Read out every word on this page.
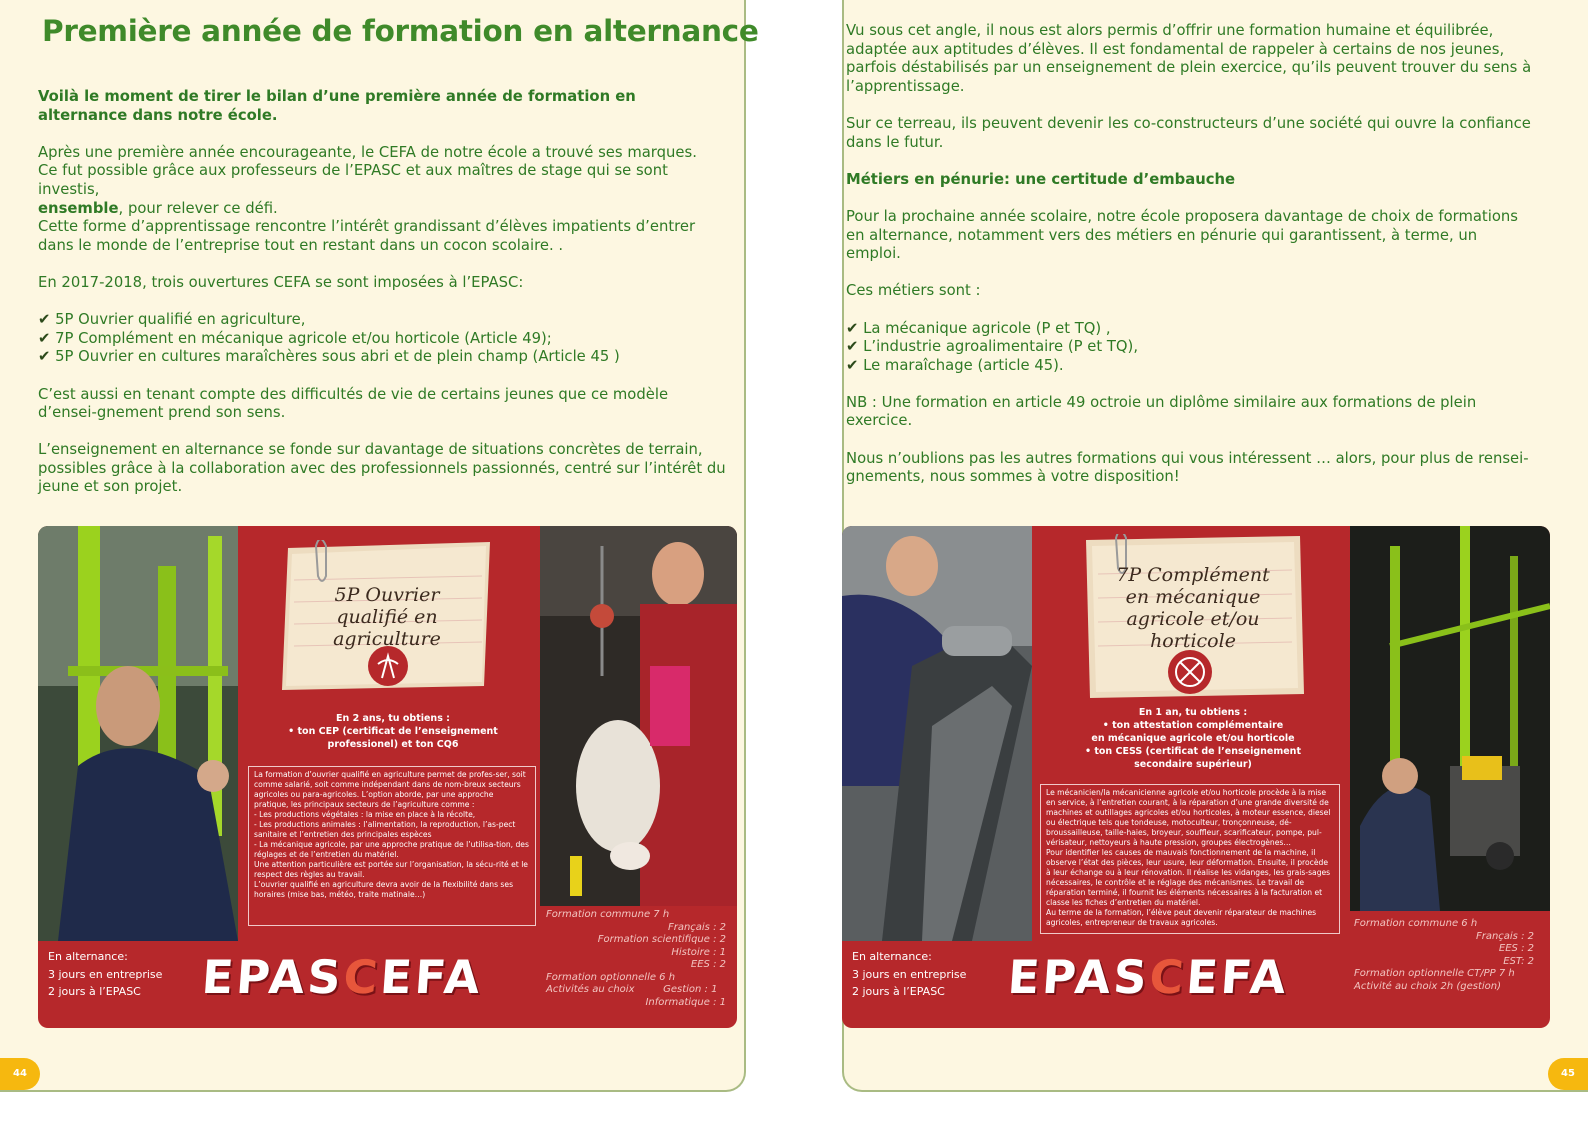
Première année de formation en alternance

Voilà le moment de tirer le bilan d’une première année de formation en alternance dans notre école.

Après une première année encourageante, le CEFA de notre école a trouvé ses marques.
Ce fut possible grâce aux professeurs de l’EPASC et aux maîtres de stage qui se sont investis,
ensemble, pour relever ce défi.
Cette forme d’apprentissage rencontre l’intérêt grandissant d’élèves impatients d’entrer dans le monde de l’entreprise tout en restant dans un cocon scolaire. .

En 2017-2018, trois ouvertures CEFA se sont imposées à l’EPASC:

✔ 5P Ouvrier qualifié en agriculture,
✔ 7P Complément en mécanique agricole et/ou horticole (Article 49);
✔ 5P Ouvrier en cultures maraîchères sous abri et de plein champ (Article 45 )

C’est aussi en tenant compte des difficultés de vie de certains jeunes que ce modèle d’ensei-gnement prend son sens.

L’enseignement en alternance se fonde sur davantage de situations concrètes de terrain, possibles grâce à la collaboration avec des professionnels passionnés, centré sur l’intérêt du jeune et son projet.

5P Ouvrier
qualifié en
agriculture
En 2 ans, tu obtiens :
• ton CEP (certificat de l’enseignement
professionel) et ton CQ6

La formation d’ouvrier qualifié en agriculture permet de profes-ser, soit comme salarié, soit comme indépendant dans de nom-breux secteurs agricoles ou para-agricoles. L’option aborde, par une approche pratique, les principaux secteurs de l’agriculture comme :

- Les productions végétales : la mise en place à la récolte,

- Les productions animales : l’alimentation, la reproduction, l’as-pect sanitaire et l’entretien des principales espèces

- La mécanique agricole, par une approche pratique de l’utilisa-tion, des réglages et de l’entretien du matériel.

Une attention particulière est portée sur l’organisation, la sécu-rité et le respect des règles au travail.

L’ouvrier qualifié en agriculture devra avoir de la flexibilité dans ses horaires (mise bas, météo, traite matinale…)

En alternance:
3 jours en entreprise
2 jours à l’EPASC	EPASCEFA
Formation commune 7 h
Français : 2
Formation scientifique : 2
Histoire : 1
EES : 2
Formation optionnelle 6 h
Activités au choix         Gestion : 1
Informatique : 1
44

Vu sous cet angle, il nous est alors permis d’offrir une formation humaine et équilibrée, adaptée aux aptitudes d’élèves. Il est fondamental de rappeler à certains de nos jeunes, parfois déstabilisés par un enseignement de plein exercice, qu’ils peuvent trouver du sens à l’apprentissage.

Sur ce terreau, ils peuvent devenir les co-constructeurs d’une société qui ouvre la confiance dans le futur.

Métiers en pénurie: une certitude d’embauche

Pour la prochaine année scolaire, notre école proposera davantage de choix de formations en alternance, notamment vers des métiers en pénurie qui garantissent, à terme, un emploi.

Ces métiers sont :

✔ La mécanique agricole (P et TQ) ,
✔ L’industrie agroalimentaire (P et TQ),
✔ Le maraîchage (article 45).

NB : Une formation en article 49 octroie un diplôme similaire aux formations de plein exercice.

Nous n’oublions pas les autres formations qui vous intéressent … alors, pour plus de rensei-gnements, nous sommes à votre disposition!

7P Complément
en mécanique
agricole et/ou
horticole
En 1 an, tu obtiens :
• ton attestation complémentaire
en mécanique agricole et/ou horticole
• ton CESS (certificat de l’enseignement
secondaire supérieur)

Le mécanicien/la mécanicienne agricole et/ou horticole procède à la mise en service, à l’entretien courant, à la réparation d’une grande diversité de machines et outillages agricoles et/ou horticoles, à moteur essence, diesel ou électrique tels que tondeuse, motoculteur, tronçonneuse, dé-broussailleuse, taille-haies, broyeur, souffleur, scarificateur, pompe, pul-vérisateur, nettoyeurs à haute pression, groupes électrogènes…

Pour identifier les causes de mauvais fonctionnement de la machine, il observe l’état des pièces, leur usure, leur déformation. Ensuite, il procède à leur échange ou à leur rénovation. Il réalise les vidanges, les grais-sages nécessaires, le contrôle et le réglage des mécanismes. Le travail de réparation terminé, il fournit les éléments nécessaires à la facturation et classe les fiches d’entretien du matériel.

Au terme de la formation, l’élève peut devenir réparateur de machines agricoles, entrepreneur de travaux agricoles.

En alternance:
3 jours en entreprise
2 jours à l’EPASC	EPASCEFA
Formation commune 6 h
Français : 2
EES : 2
EST: 2
Formation optionnelle CT/PP 7 h
Activité au choix 2h (gestion)
45
